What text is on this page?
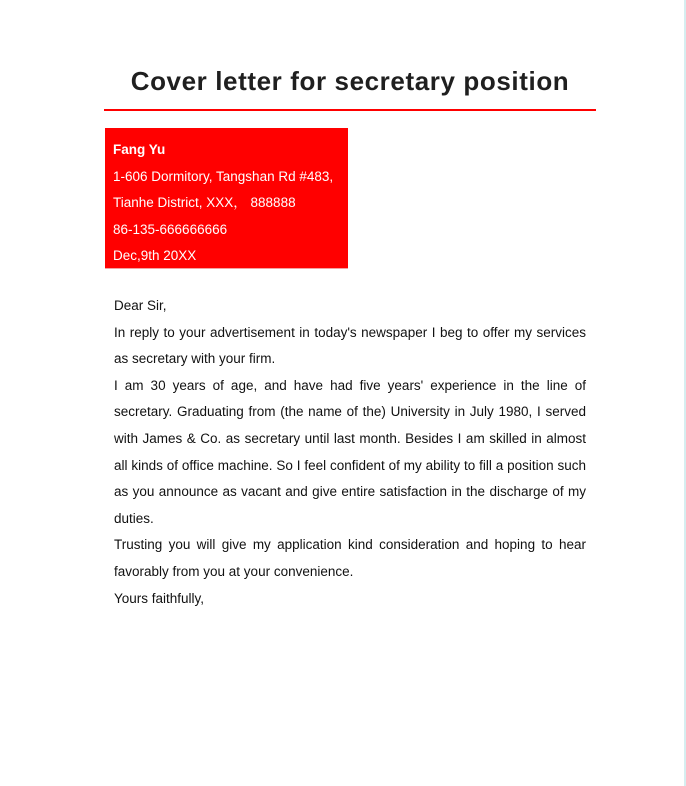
Cover letter for secretary position
Fang Yu
1-606 Dormitory, Tangshan Rd #483,
Tianhe District, XXX， 888888
86-135-666666666
Dec,9th 20XX

Dear Sir,

In reply to your advertisement in today's newspaper I beg to offer my services as secretary with your firm.

I am 30 years of age, and have had five years' experience in the line of secretary. Graduating from (the name of the) University in July 1980, I served with James & Co. as secretary until last month. Besides I am skilled in almost all kinds of office machine. So I feel confident of my ability to fill a position such as you announce as vacant and give entire satisfaction in the discharge of my duties.

Trusting you will give my application kind consideration and hoping to hear favorably from you at your convenience.

Yours faithfully,
